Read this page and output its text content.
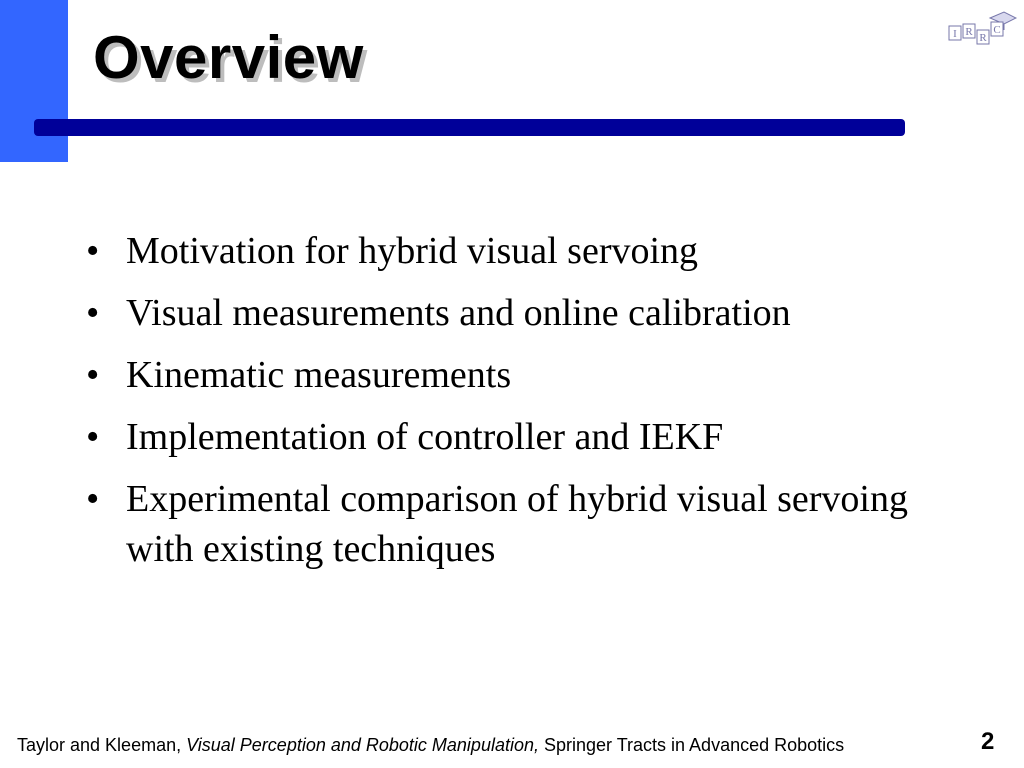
Overview	I R R
C
• Motivation for hybrid visual servoing
• Visual measurements and online calibration
• Kinematic measurements
• Implementation of controller and IEKF
• Experimental comparison of hybrid visual servoing with existing techniques
Taylor and Kleeman, Visual Perception and Robotic Manipulation, Springer Tracts in Advanced Robotics	2
